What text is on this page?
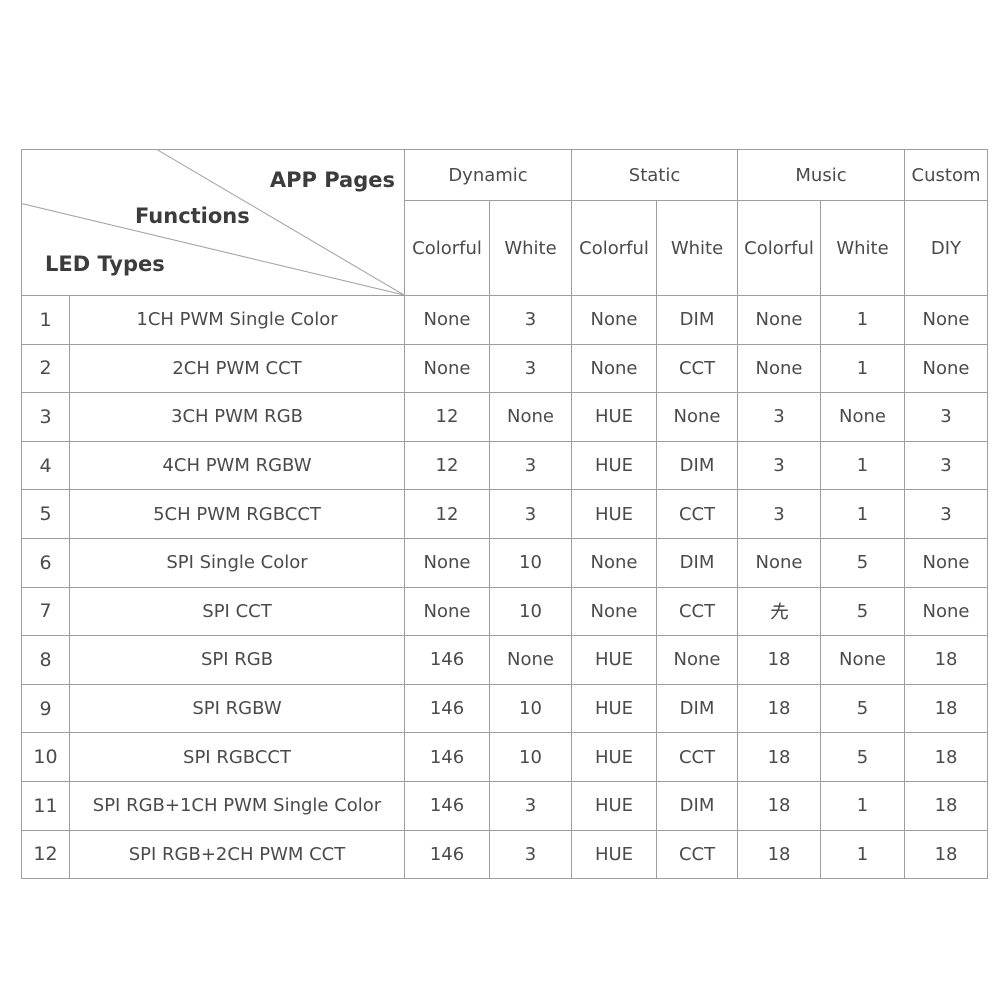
APP Pages
Functions
LED Types		Dynamic		Static		Music		Custom
		Colorful	White	Colorful	White	Colorful	White	DIY
1	1CH PWM Single Color	None	3	None	DIM	None	1	None
2	2CH PWM CCT	None	3	None	CCT	None	1	None
3	3CH PWM RGB	12	None	HUE	None	3	None	3
4	4CH PWM RGBW	12	3	HUE	DIM	3	1	3
5	5CH PWM RGBCCT	12	3	HUE	CCT	3	1	3
6	SPI Single Color	None	10	None	DIM	None	5	None
7	SPI CCT	None	10	None	CCT		5	None
8	SPI RGB	146	None	HUE	None	18	None	18
9	SPI RGBW	146	10	HUE	DIM	18	5	18
10	SPI RGBCCT	146	10	HUE	CCT	18	5	18
11	SPI RGB+1CH PWM Single Color	146	3	HUE	DIM	18	1	18
12	SPI RGB+2CH PWM CCT	146	3	HUE	CCT	18	1	18
